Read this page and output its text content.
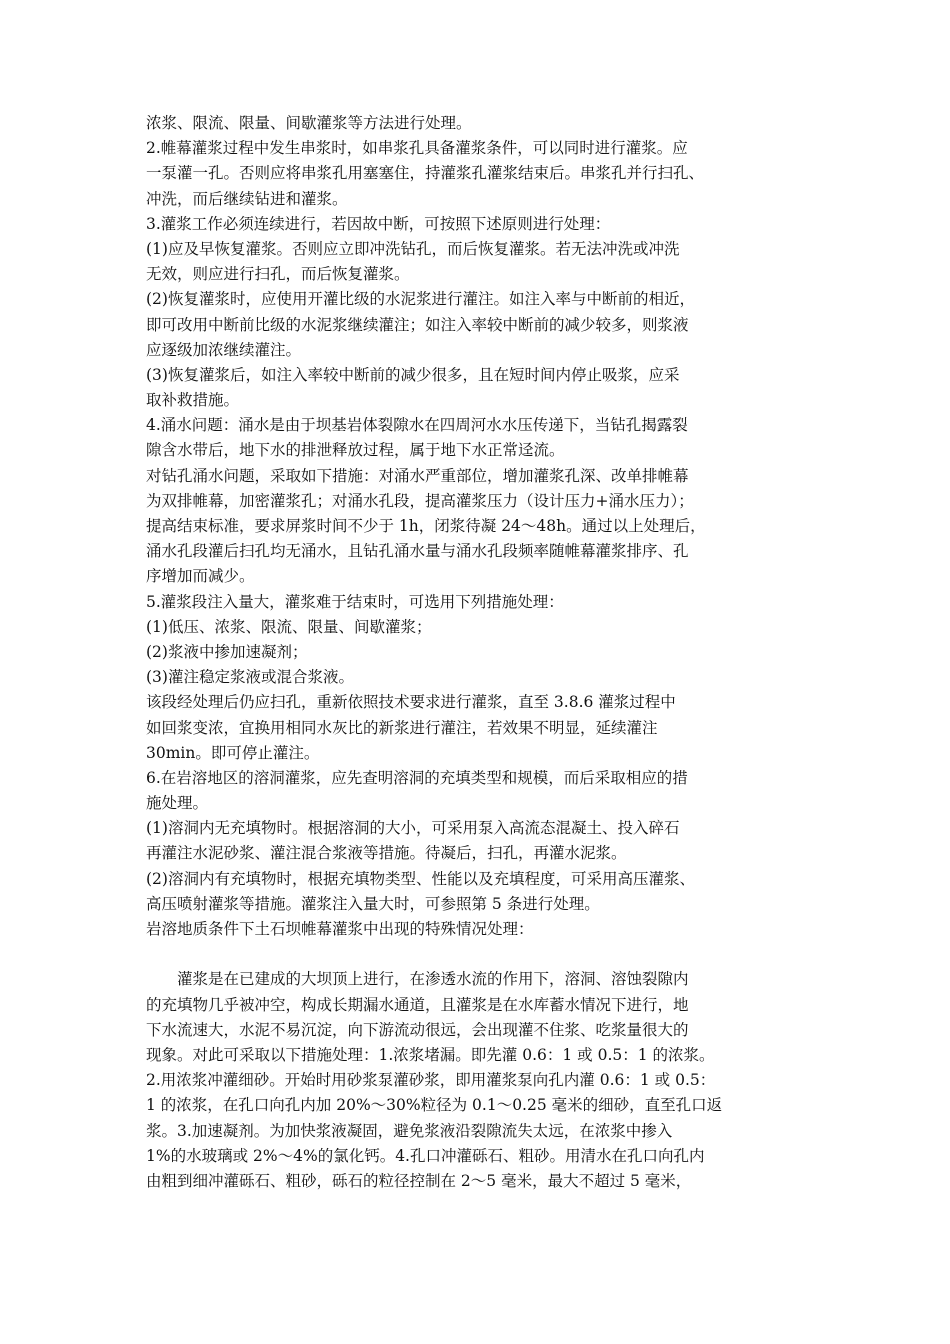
浓浆、限流、限量、间歇灌浆等方法进行处理。
2.帷幕灌浆过程中发生串浆时，如串浆孔具备灌浆条件，可以同时进行灌浆。应
一泵灌一孔。否则应将串浆孔用塞塞住，持灌浆孔灌浆结束后。串浆孔并行扫孔、
冲洗，而后继续钻进和灌浆。
3.灌浆工作必须连续进行，若因故中断，可按照下述原则进行处理：
(1)应及早恢复灌浆。否则应立即冲洗钻孔，而后恢复灌浆。若无法冲洗或冲洗
无效，则应进行扫孔，而后恢复灌浆。
(2)恢复灌浆时，应使用开灌比级的水泥浆进行灌注。如注入率与中断前的相近，
即可改用中断前比级的水泥浆继续灌注；如注入率较中断前的减少较多，则浆液
应逐级加浓继续灌注。
(3)恢复灌浆后，如注入率较中断前的减少很多，且在短时间内停止吸浆，应采
取补救措施。
4.涌水问题：涌水是由于坝基岩体裂隙水在四周河水水压传递下，当钻孔揭露裂
隙含水带后，地下水的排泄释放过程，属于地下水正常迳流。
对钻孔涌水问题，采取如下措施：对涌水严重部位，增加灌浆孔深、改单排帷幕
为双排帷幕，加密灌浆孔；对涌水孔段，提高灌浆压力（设计压力+涌水压力）；
提高结束标准，要求屏浆时间不少于 1h，闭浆待凝 24～48h。通过以上处理后，
涌水孔段灌后扫孔均无涌水，且钻孔涌水量与涌水孔段频率随帷幕灌浆排序、孔
序增加而减少。
5.灌浆段注入量大，灌浆难于结束时，可选用下列措施处理：
(1)低压、浓浆、限流、限量、间歇灌浆；
(2)浆液中掺加速凝剂；
(3)灌注稳定浆液或混合浆液。
该段经处理后仍应扫孔，重新依照技术要求进行灌浆，直至 3.8.6 灌浆过程中
如回浆变浓，宜换用相同水灰比的新浆进行灌注，若效果不明显，延续灌注
30min。即可停止灌注。
6.在岩溶地区的溶洞灌浆，应先查明溶洞的充填类型和规模，而后采取相应的措
施处理。
(1)溶洞内无充填物时。根据溶洞的大小，可采用泵入高流态混凝土、投入碎石
再灌注水泥砂浆、灌注混合浆液等措施。待凝后，扫孔，再灌水泥浆。
(2)溶洞内有充填物时，根据充填物类型、性能以及充填程度，可采用高压灌浆、
高压喷射灌浆等措施。灌浆注入量大时，可参照第 5 条进行处理。
岩溶地质条件下土石坝帷幕灌浆中出现的特殊情况处理：
灌浆是在已建成的大坝顶上进行，在渗透水流的作用下，溶洞、溶蚀裂隙内
的充填物几乎被冲空，构成长期漏水通道，且灌浆是在水库蓄水情况下进行，地
下水流速大，水泥不易沉淀，向下游流动很远，会出现灌不住浆、吃浆量很大的
现象。对此可采取以下措施处理：1.浓浆堵漏。即先灌 0.6：1 或 0.5：1 的浓浆。
2.用浓浆冲灌细砂。开始时用砂浆泵灌砂浆，即用灌浆泵向孔内灌 0.6：1 或 0.5：
1 的浓浆，在孔口向孔内加 20%～30%粒径为 0.1～0.25 毫米的细砂，直至孔口返
浆。3.加速凝剂。为加快浆液凝固，避免浆液沿裂隙流失太远，在浓浆中掺入
1%的水玻璃或 2%～4%的氯化钙。4.孔口冲灌砾石、粗砂。用清水在孔口向孔内
由粗到细冲灌砾石、粗砂，砾石的粒径控制在 2～5 毫米，最大不超过 5 毫米，
